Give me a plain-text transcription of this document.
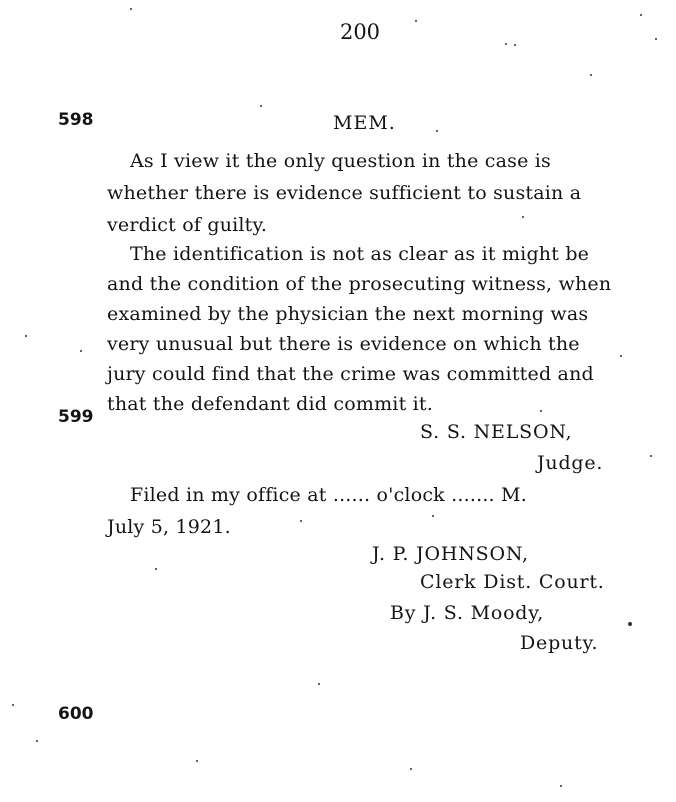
200
598	MEM.
As I view it the only question in the case is
whether there is evidence sufficient to sustain a
verdict of guilty.
The identification is not as clear as it might be
and the condition of the prosecuting witness, when
examined by the physician the next morning was
very unusual but there is evidence on which the
jury could find that the crime was committed and
that the defendant did commit it.
599
S. S. NELSON,
Judge.
Filed in my office at ...... o'clock ....... M.
July 5, 1921.
J. P. JOHNSON,
Clerk Dist. Court.
By J. S. Moody,
Deputy.
600
